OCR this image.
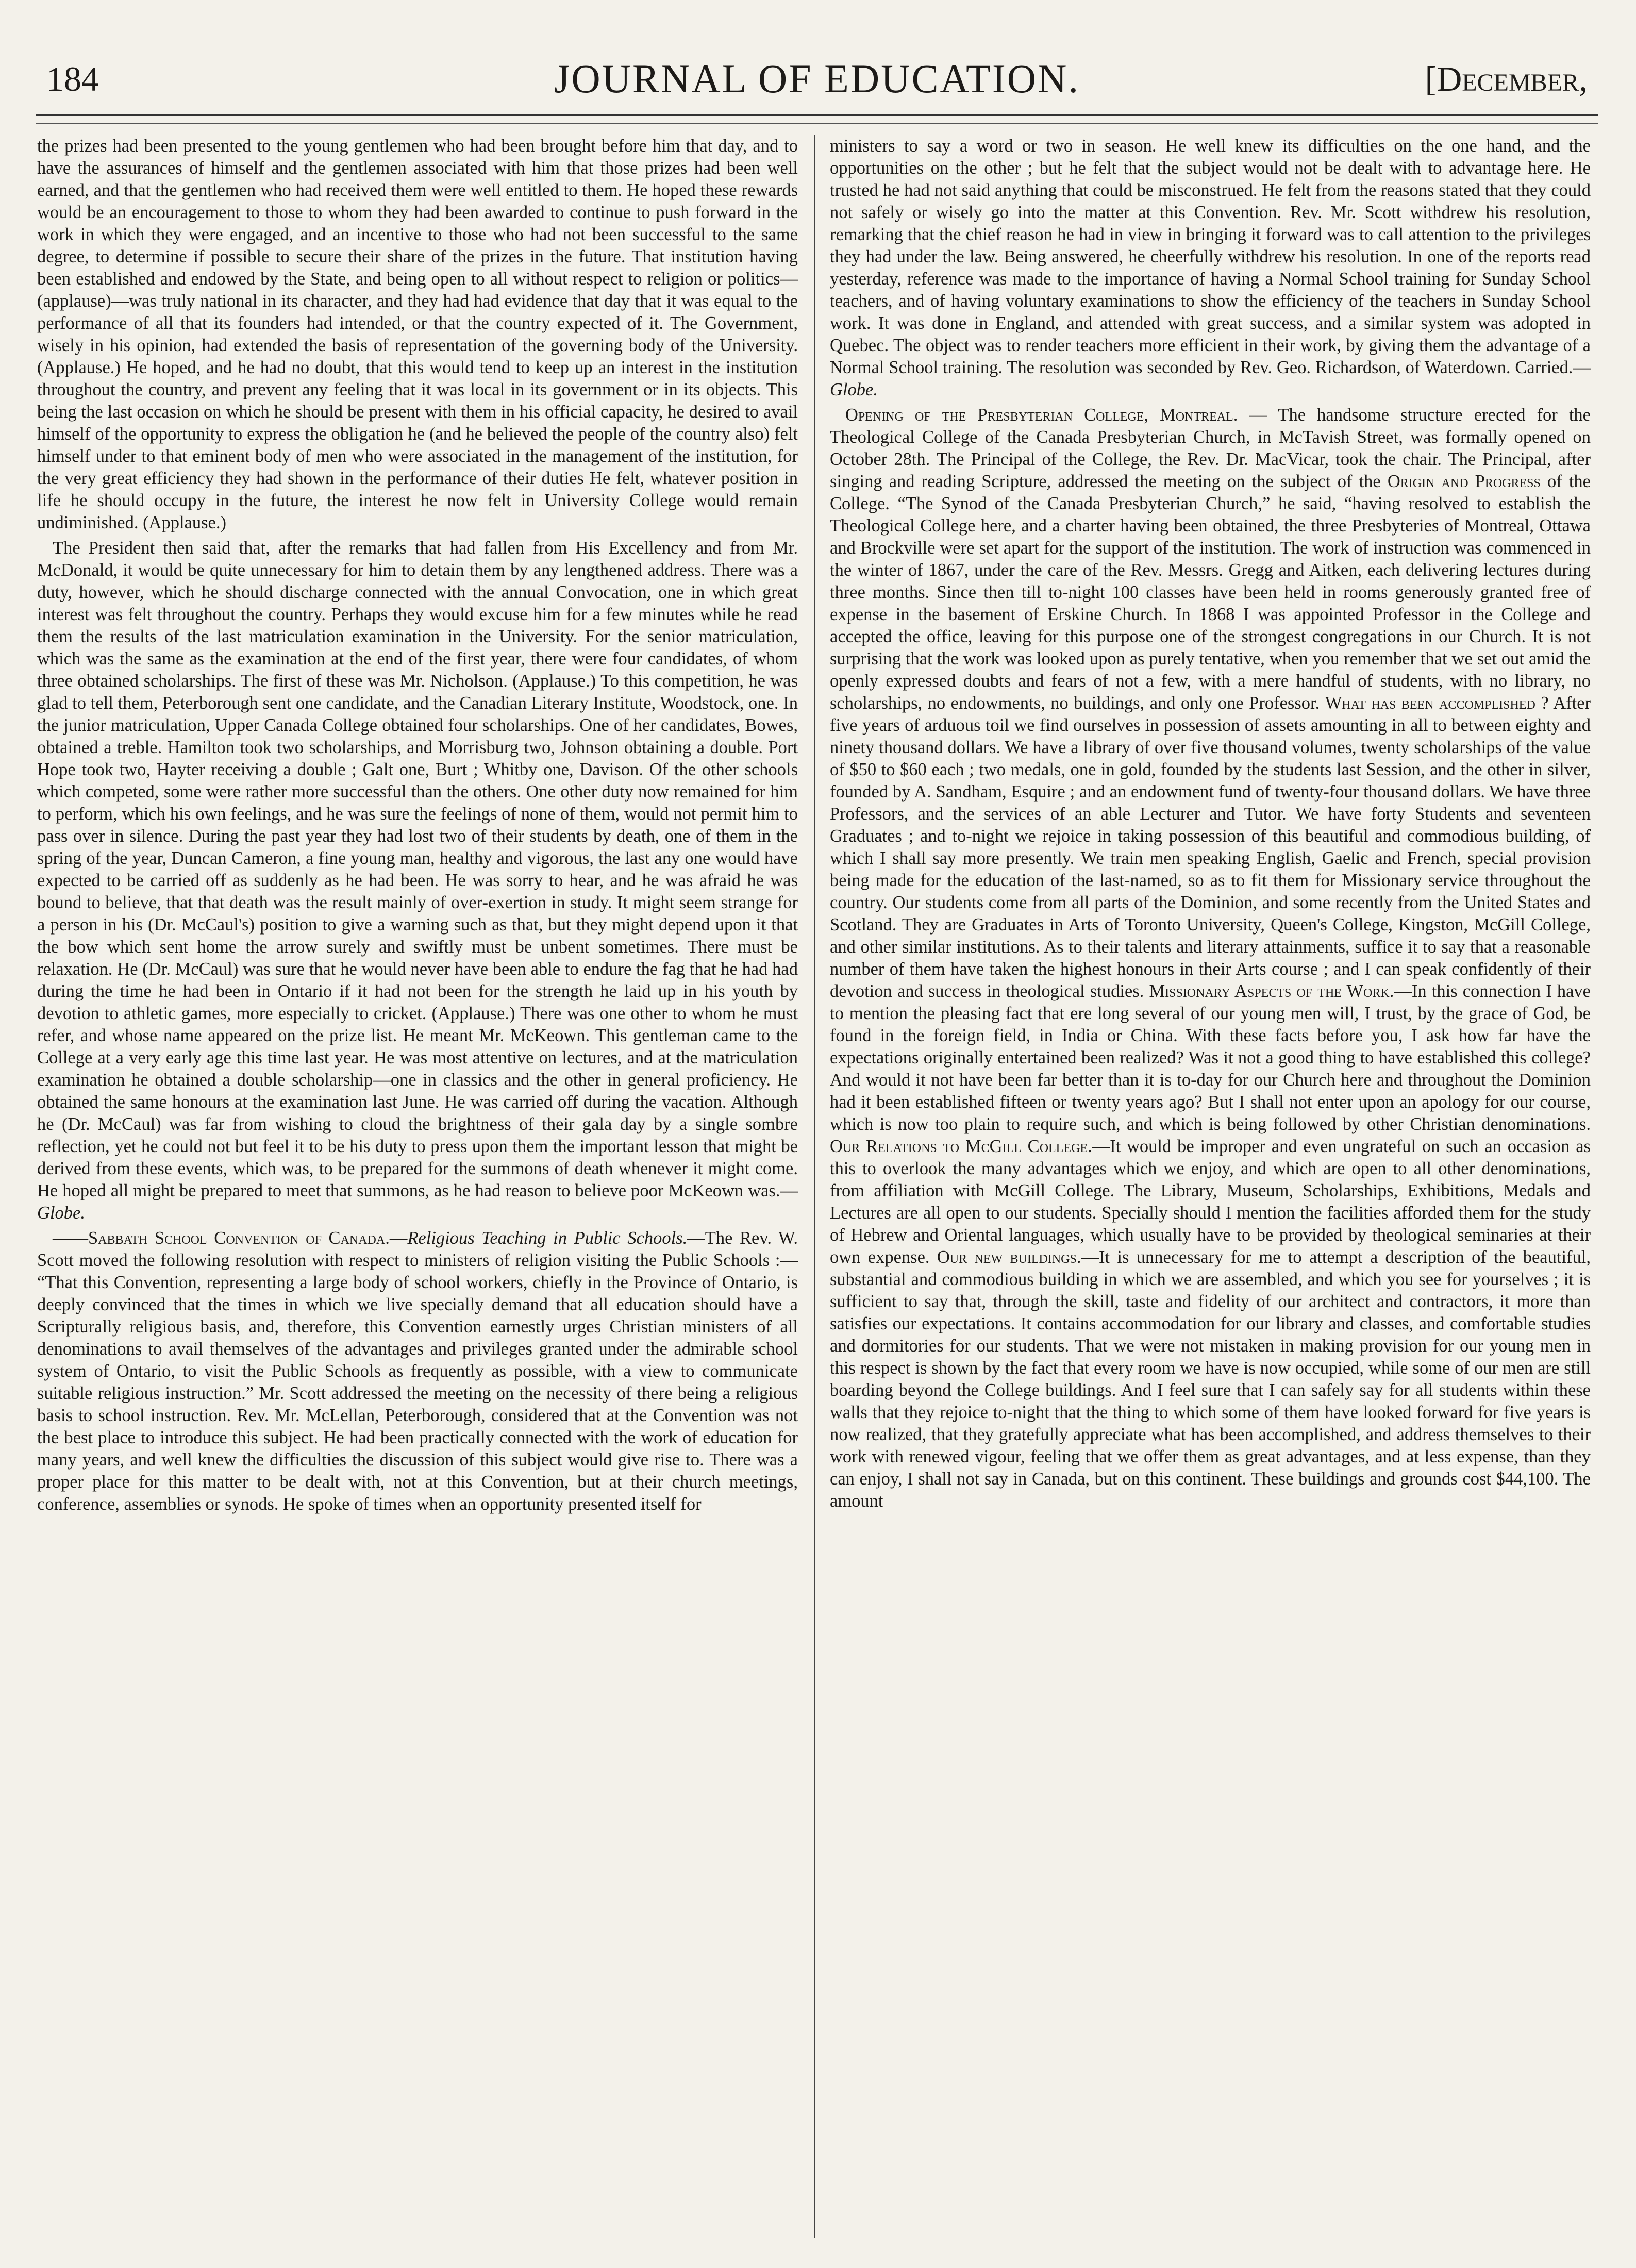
184	JOURNAL OF EDUCATION.	[December,

the prizes had been presented to the young gentlemen who had been brought before him that day, and to have the assurances of himself and the gentlemen associated with him that those prizes had been well earned, and that the gentlemen who had received them were well entitled to them. He hoped these rewards would be an encouragement to those to whom they had been awarded to continue to push forward in the work in which they were engaged, and an incentive to those who had not been successful to the same degree, to determine if possible to secure their share of the prizes in the future. That institution having been established and endowed by the State, and being open to all without respect to religion or politics—(applause)—was truly national in its character, and they had had evidence that day that it was equal to the performance of all that its founders had intended, or that the country expected of it. The Government, wisely in his opinion, had extended the basis of representation of the governing body of the University. (Applause.) He hoped, and he had no doubt, that this would tend to keep up an interest in the institution throughout the country, and prevent any feeling that it was local in its government or in its objects. This being the last occasion on which he should be present with them in his official capacity, he desired to avail himself of the opportunity to express the obligation he (and he believed the people of the country also) felt himself under to that eminent body of men who were associated in the management of the institution, for the very great efficiency they had shown in the performance of their duties He felt, whatever position in life he should occupy in the future, the interest he now felt in University College would remain undiminished. (Applause.)

The President then said that, after the remarks that had fallen from His Excellency and from Mr. McDonald, it would be quite unnecessary for him to detain them by any lengthened address. There was a duty, however, which he should discharge connected with the annual Convocation, one in which great interest was felt throughout the country. Perhaps they would excuse him for a few minutes while he read them the results of the last matriculation examination in the University. For the senior matriculation, which was the same as the examination at the end of the first year, there were four candidates, of whom three obtained scholarships. The first of these was Mr. Nicholson. (Applause.) To this competition, he was glad to tell them, Peterborough sent one candidate, and the Canadian Literary Institute, Woodstock, one. In the junior matriculation, Upper Canada College obtained four scholarships. One of her candidates, Bowes, obtained a treble. Hamilton took two scholarships, and Morrisburg two, Johnson obtaining a double. Port Hope took two, Hayter receiving a double ; Galt one, Burt ; Whitby one, Davison. Of the other schools which competed, some were rather more successful than the others. One other duty now remained for him to perform, which his own feelings, and he was sure the feelings of none of them, would not permit him to pass over in silence. During the past year they had lost two of their students by death, one of them in the spring of the year, Duncan Cameron, a fine young man, healthy and vigorous, the last any one would have expected to be carried off as suddenly as he had been. He was sorry to hear, and he was afraid he was bound to believe, that that death was the result mainly of over-exertion in study. It might seem strange for a person in his (Dr. McCaul's) position to give a warning such as that, but they might depend upon it that the bow which sent home the arrow surely and swiftly must be unbent sometimes. There must be relaxation. He (Dr. McCaul) was sure that he would never have been able to endure the fag that he had had during the time he had been in Ontario if it had not been for the strength he laid up in his youth by devotion to athletic games, more especially to cricket. (Applause.) There was one other to whom he must refer, and whose name appeared on the prize list. He meant Mr. McKeown. This gentleman came to the College at a very early age this time last year. He was most attentive on lectures, and at the matriculation examination he obtained a double scholarship—one in classics and the other in general proficiency. He obtained the same honours at the examination last June. He was carried off during the vacation. Although he (Dr. McCaul) was far from wishing to cloud the brightness of their gala day by a single sombre reflection, yet he could not but feel it to be his duty to press upon them the important lesson that might be derived from these events, which was, to be prepared for the summons of death whenever it might come. He hoped all might be prepared to meet that summons, as he had reason to believe poor McKeown was.—Globe.

——Sabbath School Convention of Canada.—Religious Teaching in Public Schools.—The Rev. W. Scott moved the following resolution with respect to ministers of religion visiting the Public Schools :— “That this Convention, representing a large body of school workers, chiefly in the Province of Ontario, is deeply convinced that the times in which we live specially demand that all education should have a Scripturally religious basis, and, therefore, this Convention earnestly urges Christian ministers of all denominations to avail themselves of the advantages and privileges granted under the admirable school system of Ontario, to visit the Public Schools as frequently as possible, with a view to communicate suitable religious instruction.” Mr. Scott addressed the meeting on the necessity of there being a religious basis to school instruction. Rev. Mr. McLellan, Peterborough, considered that at the Convention was not the best place to introduce this subject. He had been practically connected with the work of education for many years, and well knew the difficulties the discussion of this subject would give rise to. There was a proper place for this matter to be dealt with, not at this Convention, but at their church meetings, conference, assemblies or synods. He spoke of times when an opportunity presented itself for

ministers to say a word or two in season. He well knew its difficulties on the one hand, and the opportunities on the other ; but he felt that the subject would not be dealt with to advantage here. He trusted he had not said anything that could be misconstrued. He felt from the reasons stated that they could not safely or wisely go into the matter at this Convention. Rev. Mr. Scott withdrew his resolution, remarking that the chief reason he had in view in bringing it forward was to call attention to the privileges they had under the law. Being answered, he cheerfully withdrew his resolution. In one of the reports read yesterday, reference was made to the importance of having a Normal School training for Sunday School teachers, and of having voluntary examinations to show the efficiency of the teachers in Sunday School work. It was done in England, and attended with great success, and a similar system was adopted in Quebec. The object was to render teachers more efficient in their work, by giving them the advantage of a Normal School training. The resolution was seconded by Rev. Geo. Richardson, of Waterdown. Carried.—Globe.

Opening of the Presbyterian College, Montreal. — The handsome structure erected for the Theological College of the Canada Presbyterian Church, in McTavish Street, was formally opened on October 28th. The Principal of the College, the Rev. Dr. MacVicar, took the chair. The Principal, after singing and reading Scripture, addressed the meeting on the subject of the Origin and Progress of the College. “The Synod of the Canada Presbyterian Church,” he said, “having resolved to establish the Theological College here, and a charter having been obtained, the three Presbyteries of Montreal, Ottawa and Brockville were set apart for the support of the institution. The work of instruction was commenced in the winter of 1867, under the care of the Rev. Messrs. Gregg and Aitken, each delivering lectures during three months. Since then till to-night 100 classes have been held in rooms generously granted free of expense in the basement of Erskine Church. In 1868 I was appointed Professor in the College and accepted the office, leaving for this purpose one of the strongest congregations in our Church. It is not surprising that the work was looked upon as purely tentative, when you remember that we set out amid the openly expressed doubts and fears of not a few, with a mere handful of students, with no library, no scholarships, no endowments, no buildings, and only one Professor. What has been accomplished ? After five years of arduous toil we find ourselves in possession of assets amounting in all to between eighty and ninety thousand dollars. We have a library of over five thousand volumes, twenty scholarships of the value of $50 to $60 each ; two medals, one in gold, founded by the students last Session, and the other in silver, founded by A. Sandham, Esquire ; and an endowment fund of twenty-four thousand dollars. We have three Professors, and the services of an able Lecturer and Tutor. We have forty Students and seventeen Graduates ; and to-night we rejoice in taking possession of this beautiful and commodious building, of which I shall say more presently. We train men speaking English, Gaelic and French, special provision being made for the education of the last-named, so as to fit them for Missionary service throughout the country. Our students come from all parts of the Dominion, and some recently from the United States and Scotland. They are Graduates in Arts of Toronto University, Queen's College, Kingston, McGill College, and other similar institutions. As to their talents and literary attainments, suffice it to say that a reasonable number of them have taken the highest honours in their Arts course ; and I can speak confidently of their devotion and success in theological studies. Missionary Aspects of the Work.—In this connection I have to mention the pleasing fact that ere long several of our young men will, I trust, by the grace of God, be found in the foreign field, in India or China. With these facts before you, I ask how far have the expectations originally entertained been realized? Was it not a good thing to have established this college? And would it not have been far better than it is to-day for our Church here and throughout the Dominion had it been established fifteen or twenty years ago? But I shall not enter upon an apology for our course, which is now too plain to require such, and which is being followed by other Christian denominations. Our Relations to McGill College.—It would be improper and even ungrateful on such an occasion as this to overlook the many advantages which we enjoy, and which are open to all other denominations, from affiliation with McGill College. The Library, Museum, Scholarships, Exhibitions, Medals and Lectures are all open to our students. Specially should I mention the facilities afforded them for the study of Hebrew and Oriental languages, which usually have to be provided by theological seminaries at their own expense. Our new buildings.—It is unnecessary for me to attempt a description of the beautiful, substantial and commodious building in which we are assembled, and which you see for yourselves ; it is sufficient to say that, through the skill, taste and fidelity of our architect and contractors, it more than satisfies our expectations. It contains accommodation for our library and classes, and comfortable studies and dormitories for our students. That we were not mistaken in making provision for our young men in this respect is shown by the fact that every room we have is now occupied, while some of our men are still boarding beyond the College buildings. And I feel sure that I can safely say for all students within these walls that they rejoice to-night that the thing to which some of them have looked forward for five years is now realized, that they gratefully appreciate what has been accomplished, and address themselves to their work with renewed vigour, feeling that we offer them as great advantages, and at less expense, than they can enjoy, I shall not say in Canada, but on this continent. These buildings and grounds cost $44,100. The amount
